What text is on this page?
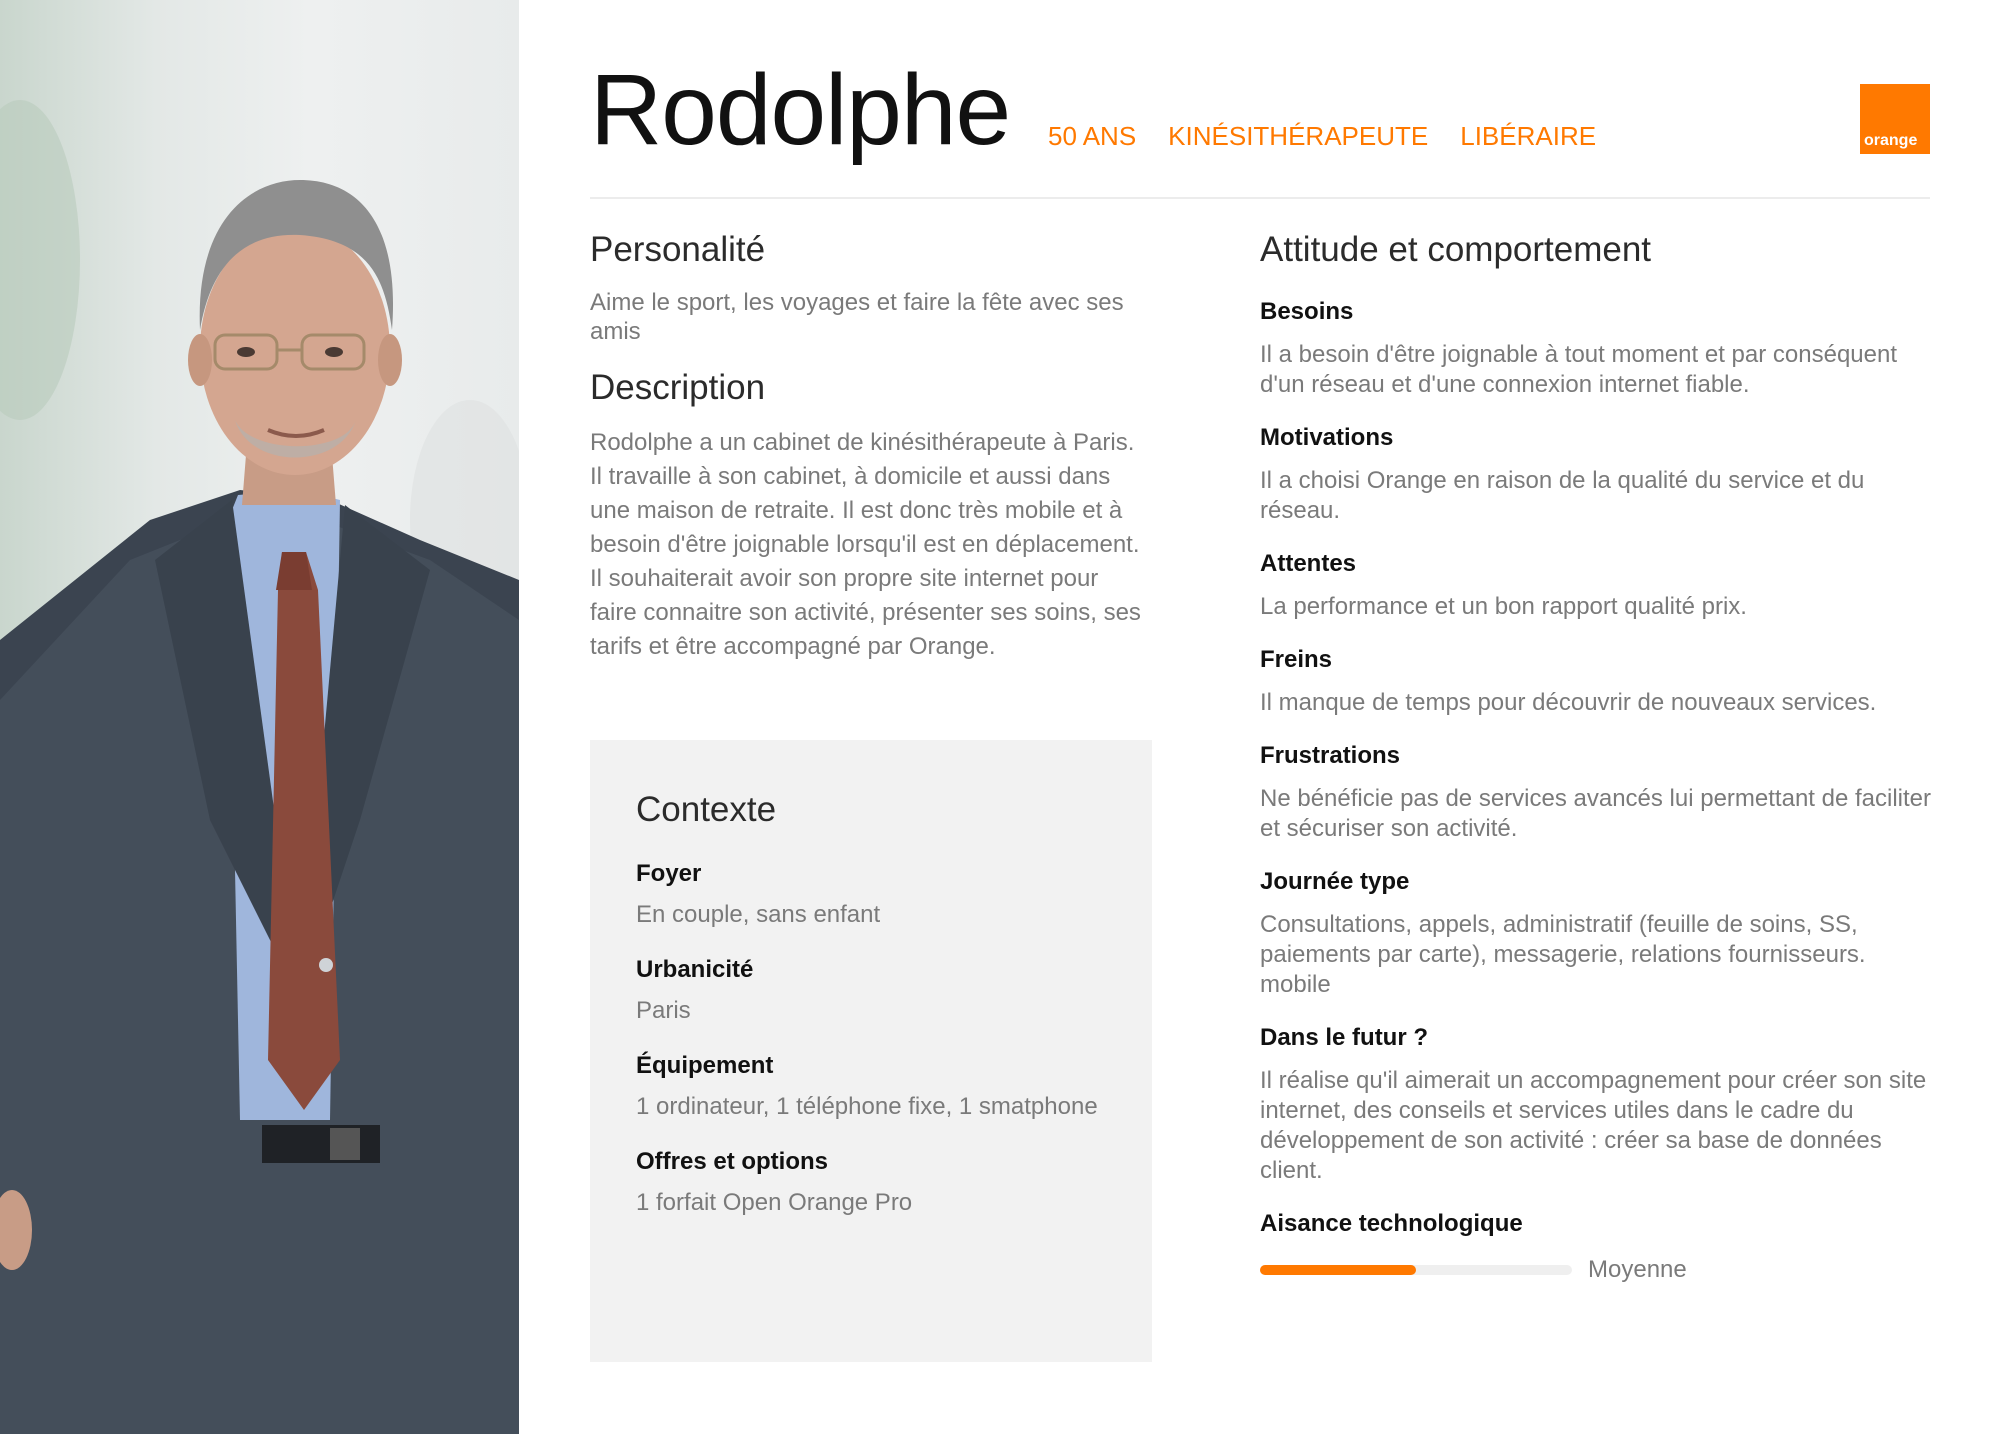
Rodolphe 50 ANS KINÉSITHÉRAPEUTE LIBÉRAIRE	orange
Personalité
Aime le sport, les voyages et faire la fête avec ses amis
Description
Rodolphe a un cabinet de kinésithérapeute à Paris. Il travaille à son cabinet, à domicile et aussi dans une maison de retraite. Il est donc très mobile et à besoin d'être joignable lorsqu'il est en déplacement. Il souhaiterait avoir son propre site internet pour faire connaitre son activité, présenter ses soins, ses tarifs et être accompagné par Orange.
Contexte
Foyer
En couple, sans enfant
Urbanicité
Paris
Équipement
1 ordinateur, 1 téléphone fixe, 1 smatphone
Offres et options
1 forfait Open Orange Pro
Attitude et comportement
Besoins
Il a besoin d'être joignable à tout moment et par conséquent d'un réseau et d'une connexion internet fiable.
Motivations
Il a choisi Orange en raison de la qualité du service et du réseau.
Attentes
La performance et un bon rapport qualité prix.
Freins
Il manque de temps pour découvrir de nouveaux services.
Frustrations
Ne bénéficie pas de services avancés lui permettant de faciliter et sécuriser son activité.
Journée type
Consultations, appels, administratif (feuille de soins, SS, paiements par carte), messagerie, relations fournisseurs. mobile
Dans le futur ?
Il réalise qu'il aimerait un accompagnement pour créer son site internet, des conseils et services utiles dans le cadre du développement de son activité : créer sa base de données client.
Aisance technologique
Moyenne
